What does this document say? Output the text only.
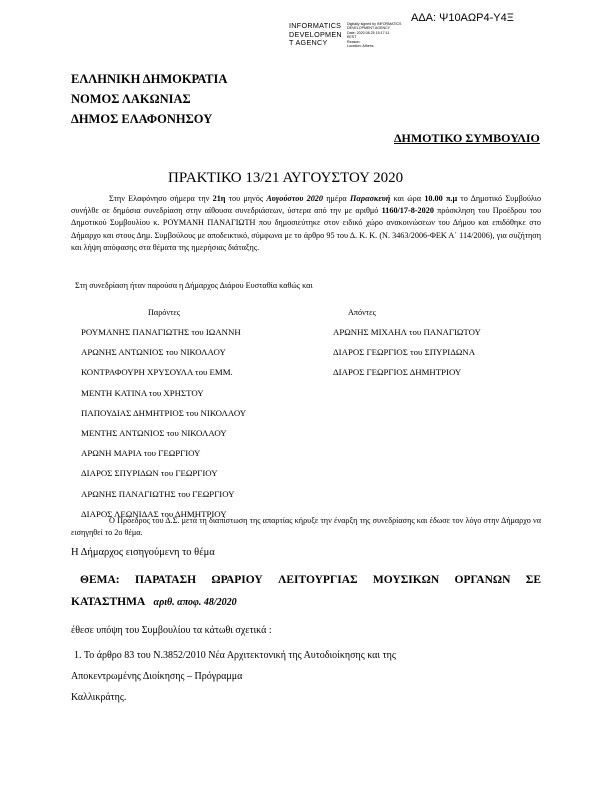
ΑΔΑ: Ψ10ΑΩΡ4-Υ4Ξ
INFORMATICS
DEVELOPMEN
T AGENCY
Digitally signed by INFORMATICS
DEVELOPMENT AGENCY
Date: 2020.08.25 15:17:11
EEST
Reason:
Location: Athens
ΕΛΛΗΝΙΚΗ ΔΗΜΟΚΡΑΤΙΑ
ΝΟΜΟΣ ΛΑΚΩΝΙΑΣ
ΔΗΜΟΣ ΕΛΑΦΟΝΗΣΟΥ
ΔΗΜΟΤΙΚΟ ΣΥΜΒΟΥΛΙΟ
ΠΡΑΚΤΙΚΟ 13/21 ΑΥΓΟΥΣΤΟΥ 2020
Στην Ελαφόνησο σήμερα την 21η του μηνός Αυγούστου 2020 ημέρα Παρασκευή και ώρα 10.00 π.μ το Δημοτικό Συμβούλιο συνήλθε σε δημόσια συνεδρίαση στην αίθουσα συνεδριάσεων, ύστερα από την με αριθμό 1160/17-8-2020 πρόσκληση του Προέδρου του Δημοτικού Συμβουλίου κ. ΡΟΥΜΑΝΗ ΠΑΝΑΓΙΩΤΗ που δημοσιεύτηκε στον ειδικό χώρο ανακοινώσεων του Δήμου και επιδόθηκε στο Δήμαρχο και στους Δημ. Συμβούλους με αποδεικτικό, σύμφωνα με το άρθρο 95 του Δ. Κ. Κ. (Ν. 3463/2006-ΦΕΚ Α΄ 114/2006), για συζήτηση και λήψη απόφασης στα θέματα της ημερήσιας διάταξης.
Στη συνεδρίαση ήταν παρούσα η Δήμαρχος Διάρου Ευσταθία καθώς και
Παρόντες	Απόντες
ΡΟΥΜΑΝΗΣ ΠΑΝΑΓΙΩΤΗΣ του ΙΩΑΝΝΗ
ΑΡΩΝΗΣ ΑΝΤΩΝΙΟΣ του ΝΙΚΟΛΑΟΥ
ΚΟΝΤΡΑΦΟΥΡΗ ΧΡΥΣΟΥΛΑ του ΕΜΜ.
ΜΕΝΤΗ ΚΑΤΙΝΑ του ΧΡΗΣΤΟΥ
ΠΑΠΟΥΔΙΑΣ ΔΗΜΗΤΡΙΟΣ του ΝΙΚΟΛΑΟΥ
ΜΕΝΤΗΣ ΑΝΤΩΝΙΟΣ του ΝΙΚΟΛΑΟΥ
ΑΡΩΝΗ ΜΑΡΙΑ του ΓΕΩΡΓΙΟΥ
ΔΙΑΡΟΣ ΣΠΥΡΙΔΩΝ του ΓΕΩΡΓΙΟΥ
ΑΡΩΝΗΣ ΠΑΝΑΓΙΩΤΗΣ του ΓΕΩΡΓΙΟΥ
ΔΙΑΡΟΣ ΛΕΩΝΙΔΑΣ του ΔΗΜΗΤΡΙΟΥ
ΑΡΩΝΗΣ ΜΙΧΑΗΛ του ΠΑΝΑΓΙΩΤΟΥ
ΔΙΑΡΟΣ ΓΕΩΡΓΙΟΣ του ΣΠΥΡΙΔΩΝΑ
ΔΙΑΡΟΣ ΓΕΩΡΓΙΟΣ ΔΗΜΗΤΡΙΟΥ
Ο Πρόεδρος του Δ.Σ. μετά τη διαπίστωση της απαρτίας κήρυξε την έναρξη της συνεδρίασης και έδωσε τον λόγο στην Δήμαρχο να εισηγηθεί το 2ο θέμα.
Η Δήμαρχος εισηγούμενη το θέμα
ΘΕΜΑ: ΠΑΡΑΤΑΣΗ ΩΡΑΡΙΟΥ ΛΕΙΤΟΥΡΓΙΑΣ ΜΟΥΣΙΚΩΝ ΟΡΓΑΝΩΝ ΣΕ
ΚΑΤΑΣΤΗΜΑ αριθ. αποφ. 48/2020
έθεσε υπόψη του Συμβουλίου τα κάτωθι σχετικά :
1. Το άρθρο 83 του Ν.3852/2010 Νέα Αρχιτεκτονική της Αυτοδιοίκησης και της
Αποκεντρωμένης Διοίκησης – Πρόγραμμα
Καλλικράτης.
